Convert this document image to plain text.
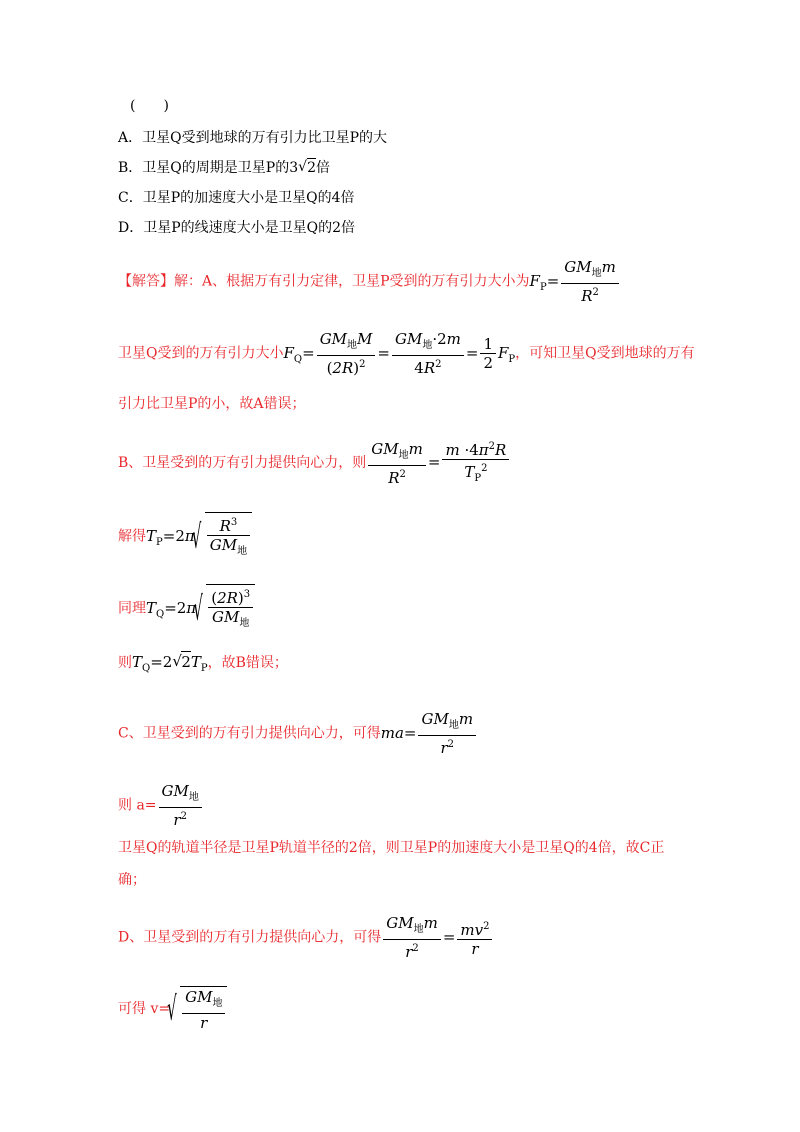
(　　)
A．卫星Q受到地球的万有引力比卫星P的大
B．卫星Q的周期是卫星P的3√ 2倍
C．卫星P的加速度大小是卫星Q的4倍
D．卫星P的线速度大小是卫星Q的2倍
【解答】解：A、根据万有引力定律，卫星P受到的万有引力大小为$F_P= \frac{GM_地m}{R^2}$
卫星Q受到的万有引力大小$F_Q= \frac{GM_地M}{(2R)^2} = \frac{GM_地\cdot 2m}{4R^2} = \frac{1}{2} F_P$，可知卫星Q受到地球的万有
引力比卫星P的小，故A错误；
B、卫星受到的万有引力提供向心力，则 $\frac{GM_地m}{R^2} = \frac{m \cdot 4\pi^2R}{T_P^2}$
解得$T_P=2\pi$
√ $\frac{R^3}{GM_地}$
同理$T_Q=2\pi$
√ $\frac{(2R)^3}{GM_地}$
则$T_Q=2√$ $2T_P$，故B错误；
C、卫星受到的万有引力提供向心力，可得$ma= \frac{GM_地m}{r^2}$
则 $a= \frac{GM_地}{r^2}$
卫星Q的轨道半径是卫星P轨道半径的2倍，则卫星P的加速度大小是卫星Q的4倍，故C正
确；
D、卫星受到的万有引力提供向心力，可得 $\frac{GM_地m}{r^2} = \frac{mv^2}{r}$
可得 v=
√ $\frac{GM_地}{r}$
